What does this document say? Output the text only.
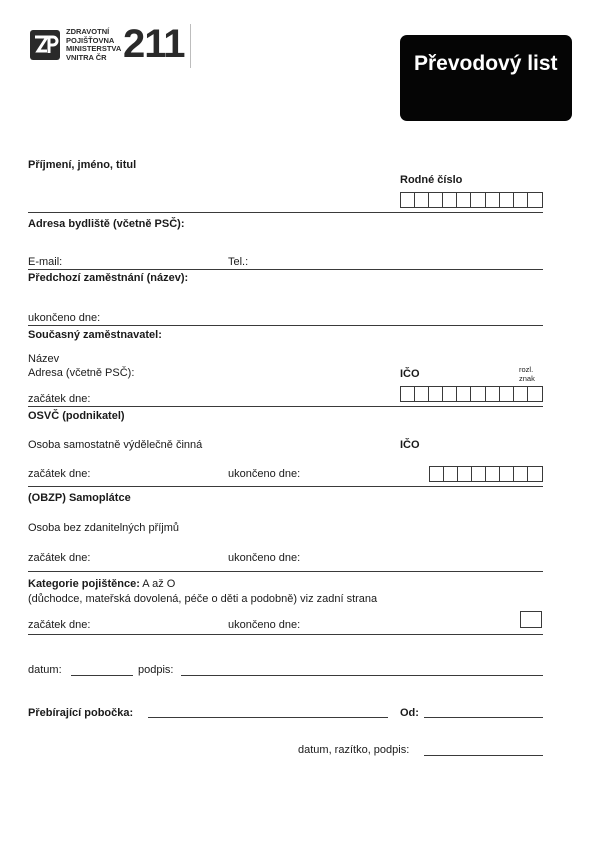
ZDRAVOTNÍ
POJIŠŤOVNA
MINISTERSTVA
VNITRA ČR 211	Převodový list
Příjmení, jméno, titul
Rodné číslo
Adresa bydliště (včetně PSČ):
E-mail:	Tel.:
Předchozí zaměstnání (název):
ukončeno dne:
Současný zaměstnavatel:
Název
Adresa (včetně PSČ):	IČO	rozl.
znak
začátek dne:
OSVČ (podnikatel)
Osoba samostatně výdělečně činná	IČO
začátek dne:	ukončeno dne:
(OBZP) Samoplátce
Osoba bez zdanitelných příjmů
začátek dne:	ukončeno dne:
Kategorie pojištěnce: A až O
(důchodce, mateřská dovolená, péče o děti a podobně) viz zadní strana
začátek dne:	ukončeno dne:
datum:	podpis:
Přebírající pobočka:	Od:
datum, razítko, podpis:
